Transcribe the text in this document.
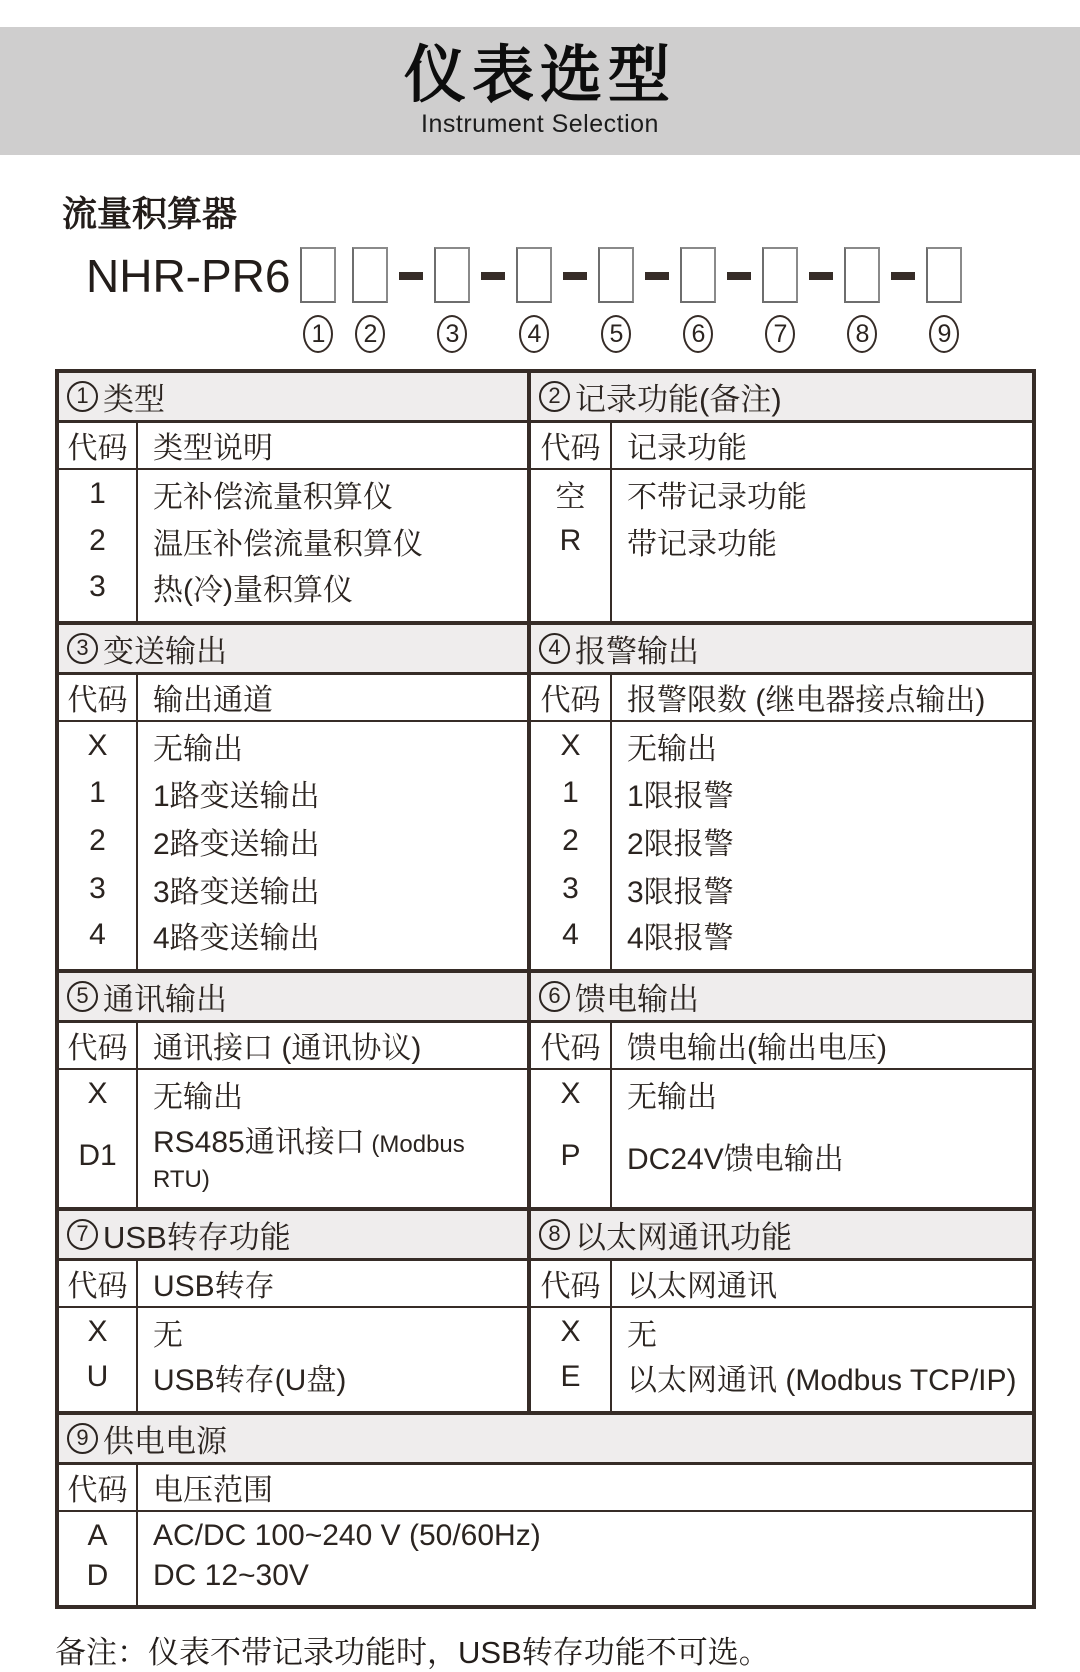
仪表选型
Instrument Selection
流量积算器
NHR-PR6
1	2	3	4	5	6	7	8	9
1 类型		2 记录功能(备注)	

代码	类型说明	代码	记录功能
1	无补偿流量积算仪	空	不带记录功能
2	温压补偿流量积算仪	R	带记录功能
3	热(冷)量积算仪		

3 变送输出		4 报警输出	

代码	输出通道	代码	报警限数 (继电器接点输出)
X	无输出	X	无输出
1	1路变送输出	1	1限报警
2	2路变送输出	2	2限报警
3	3路变送输出	3	3限报警
4	4路变送输出	4	4限报警

5 通讯输出		6 馈电输出	

代码	通讯接口 (通讯协议)	代码	馈电输出(输出电压)
X	无输出	X	无输出
D1	RS485通讯接口 (Modbus RTU)	P	DC24V馈电输出

7 USB转存功能		8 以太网通讯功能	

代码	USB转存	代码	以太网通讯
X	无	X	无
U	USB转存(U盘)	E	以太网通讯 (Modbus TCP/IP)

9 供电电源			

代码	电压范围		
A	AC/DC 100~240 V (50/60Hz)		
D	DC 12~30V		
备注：仪表不带记录功能时，USB转存功能不可选。
